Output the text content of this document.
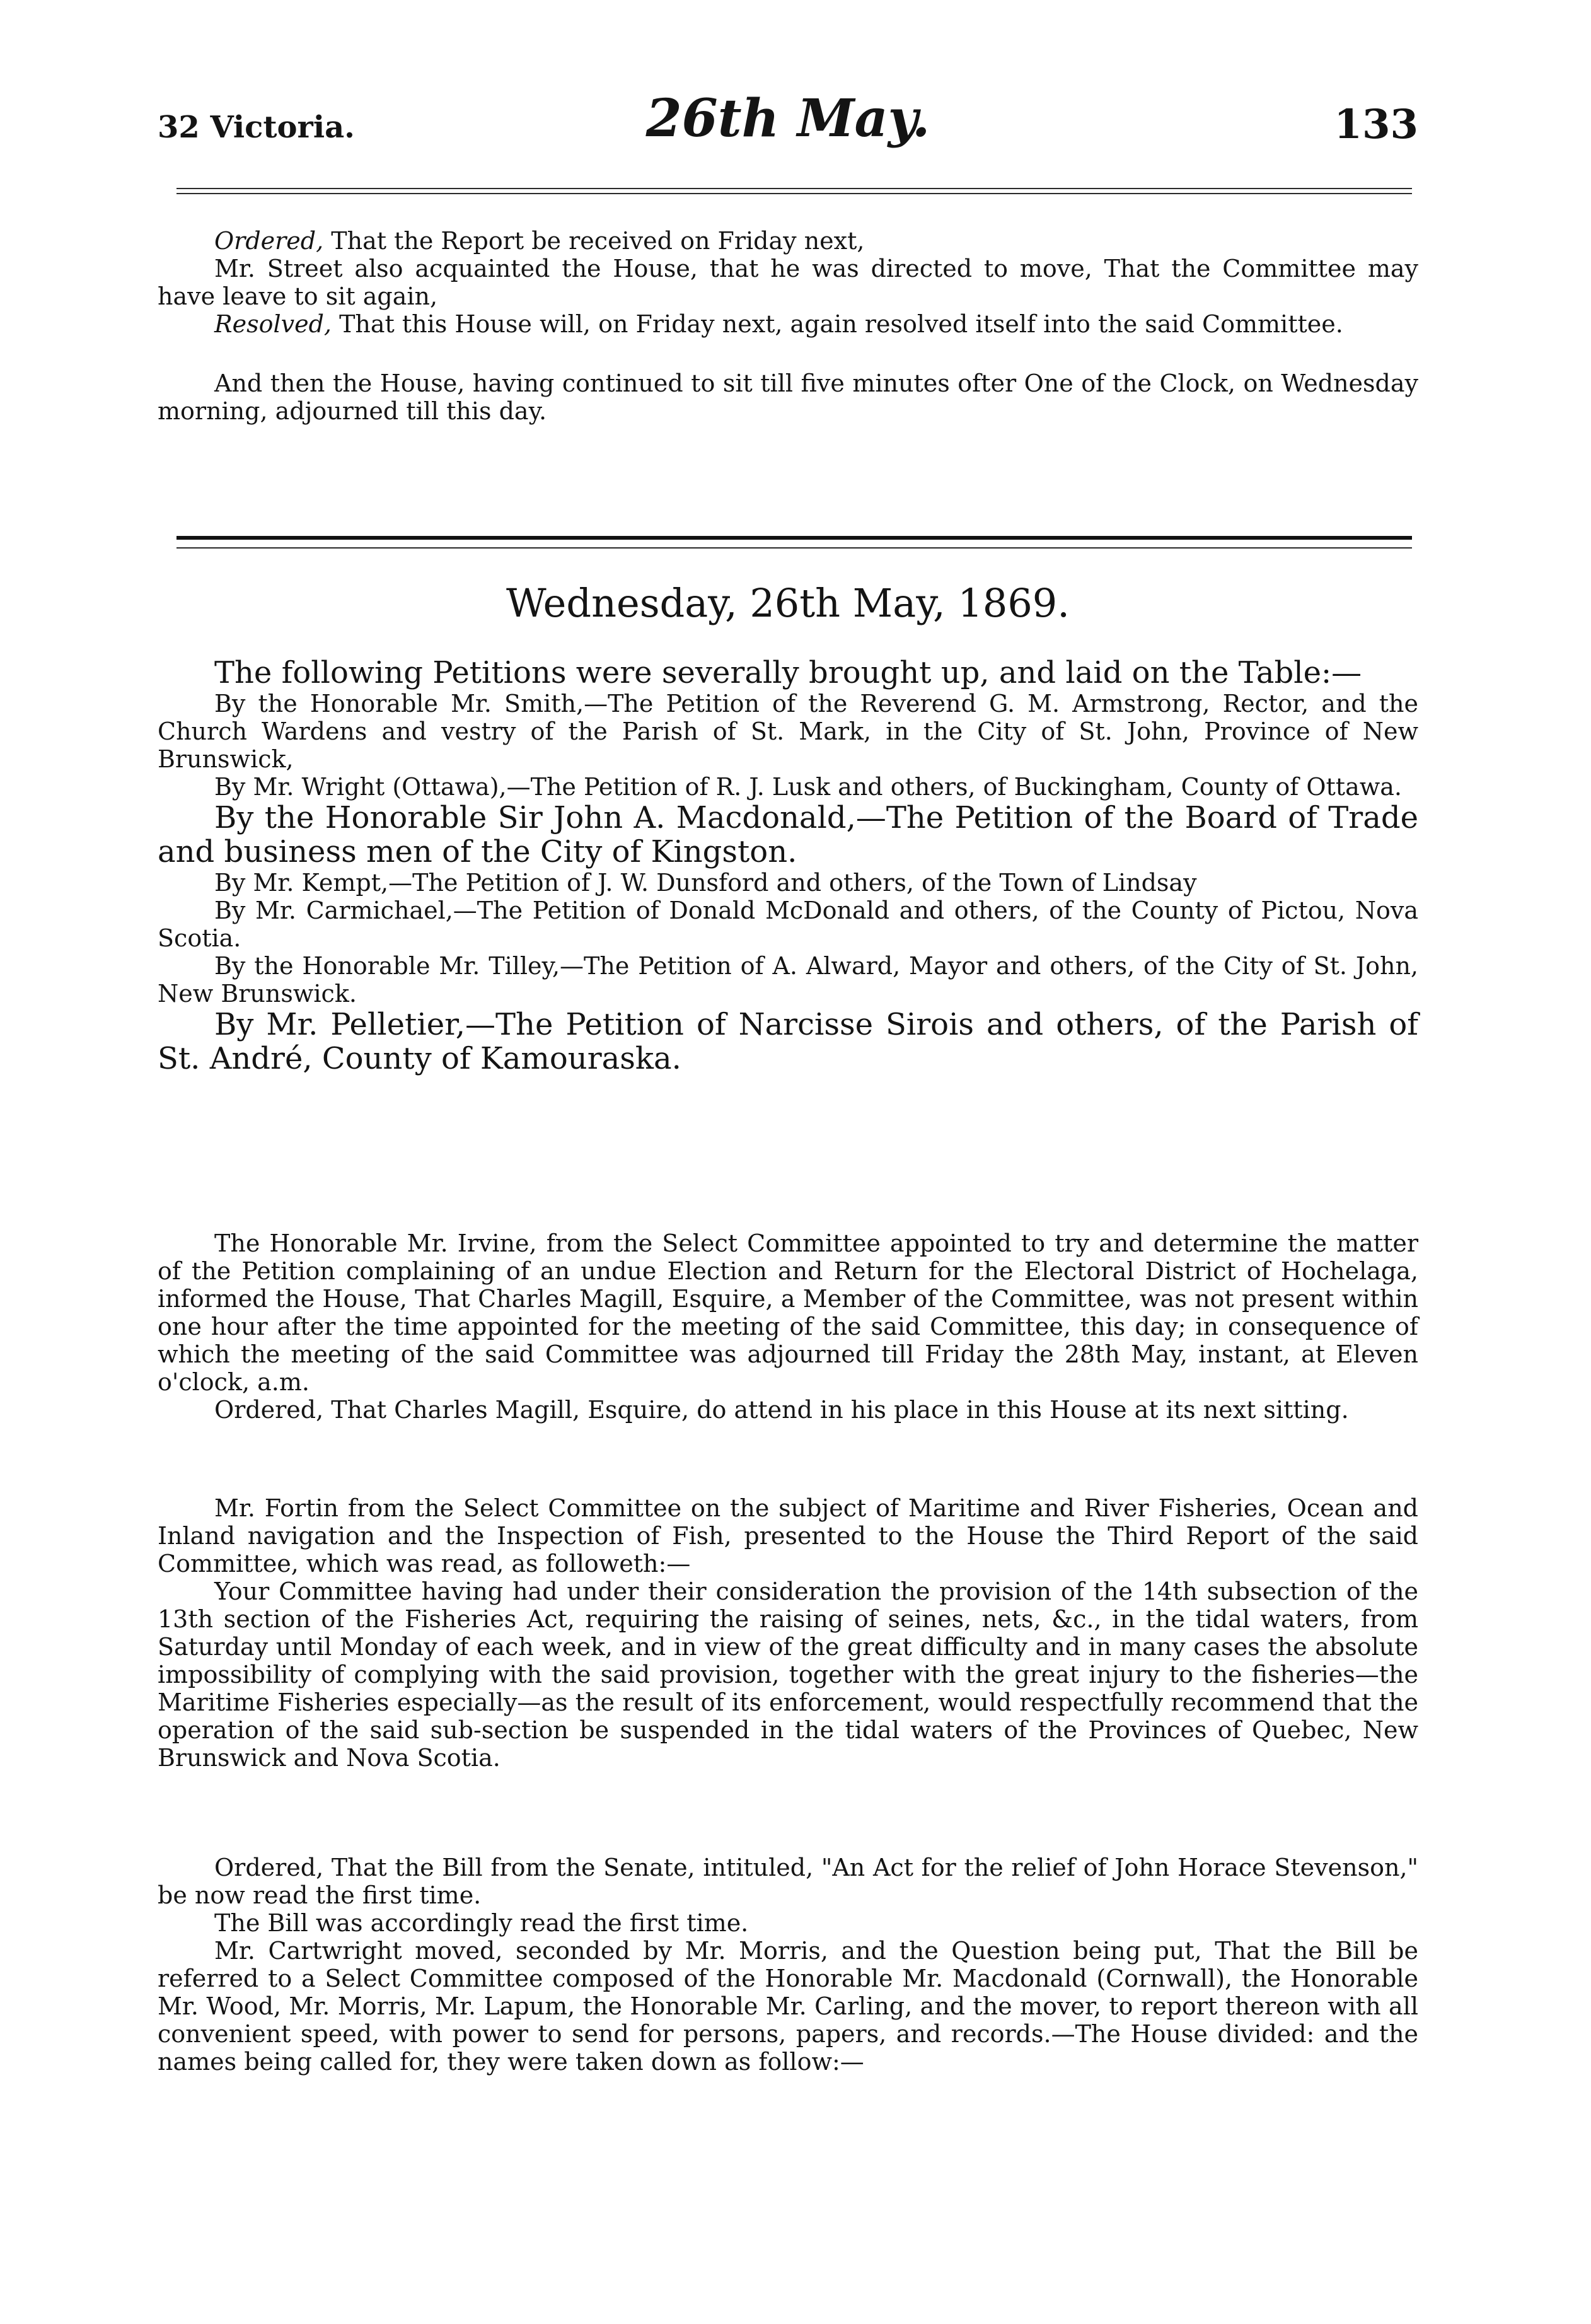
32 Victoria.	26th May.	133

Ordered, That the Report be received on Friday next,

Mr. Street also acquainted the House, that he was directed to move, That the Committee may have leave to sit again,

Resolved, That this House will, on Friday next, again resolved itself into the said Committee.

And then the House, having continued to sit till five minutes ofter One of the Clock, on Wednesday morning, adjourned till this day.

Wednesday, 26th May, 1869.

The following Petitions were severally brought up, and laid on the Table:—

By the Honorable Mr. Smith,—The Petition of the Reverend G. M. Armstrong, Rector, and the Church Wardens and vestry of the Parish of St. Mark, in the City of St. John, Province of New Brunswick,

By Mr. Wright (Ottawa),—The Petition of R. J. Lusk and others, of Buckingham, County of Ottawa.

By the Honorable Sir John A. Macdonald,—The Petition of the Board of Trade and business men of the City of Kingston.

By Mr. Kempt,—The Petition of J. W. Dunsford and others, of the Town of Lindsay

By Mr. Carmichael,—The Petition of Donald McDonald and others, of the County of Pictou, Nova Scotia.

By the Honorable Mr. Tilley,—The Petition of A. Alward, Mayor and others, of the City of St. John, New Brunswick.

By Mr. Pelletier,—The Petition of Narcisse Sirois and others, of the Parish of St. André, County of Kamouraska.

The Honorable Mr. Irvine, from the Select Committee appointed to try and determine the matter of the Petition complaining of an undue Election and Return for the Electoral District of Hochelaga, informed the House, That Charles Magill, Esquire, a Member of the Committee, was not present within one hour after the time appointed for the meeting of the said Committee, this day; in consequence of which the meeting of the said Committee was adjourned till Friday the 28th May, instant, at Eleven o'clock, a.m.

Ordered, That Charles Magill, Esquire, do attend in his place in this House at its next sitting.

Mr. Fortin from the Select Committee on the subject of Maritime and River Fisheries, Ocean and Inland navigation and the Inspection of Fish, presented to the House the Third Report of the said Committee, which was read, as followeth:—

Your Committee having had under their consideration the provision of the 14th subsection of the 13th section of the Fisheries Act, requiring the raising of seines, nets, &c., in the tidal waters, from Saturday until Monday of each week, and in view of the great difficulty and in many cases the absolute impossibility of complying with the said provision, together with the great injury to the fisheries—the Maritime Fisheries especially—as the result of its enforcement, would respectfully recommend that the operation of the said sub-section be suspended in the tidal waters of the Provinces of Quebec, New Brunswick and Nova Scotia.

Ordered, That the Bill from the Senate, intituled, "An Act for the relief of John Horace Stevenson," be now read the first time.

The Bill was accordingly read the first time.

Mr. Cartwright moved, seconded by Mr. Morris, and the Question being put, That the Bill be referred to a Select Committee composed of the Honorable Mr. Macdonald (Cornwall), the Honorable Mr. Wood, Mr. Morris, Mr. Lapum, the Honorable Mr. Carling, and the mover, to report thereon with all convenient speed, with power to send for persons, papers, and records.—The House divided: and the names being called for, they were taken down as follow:—
